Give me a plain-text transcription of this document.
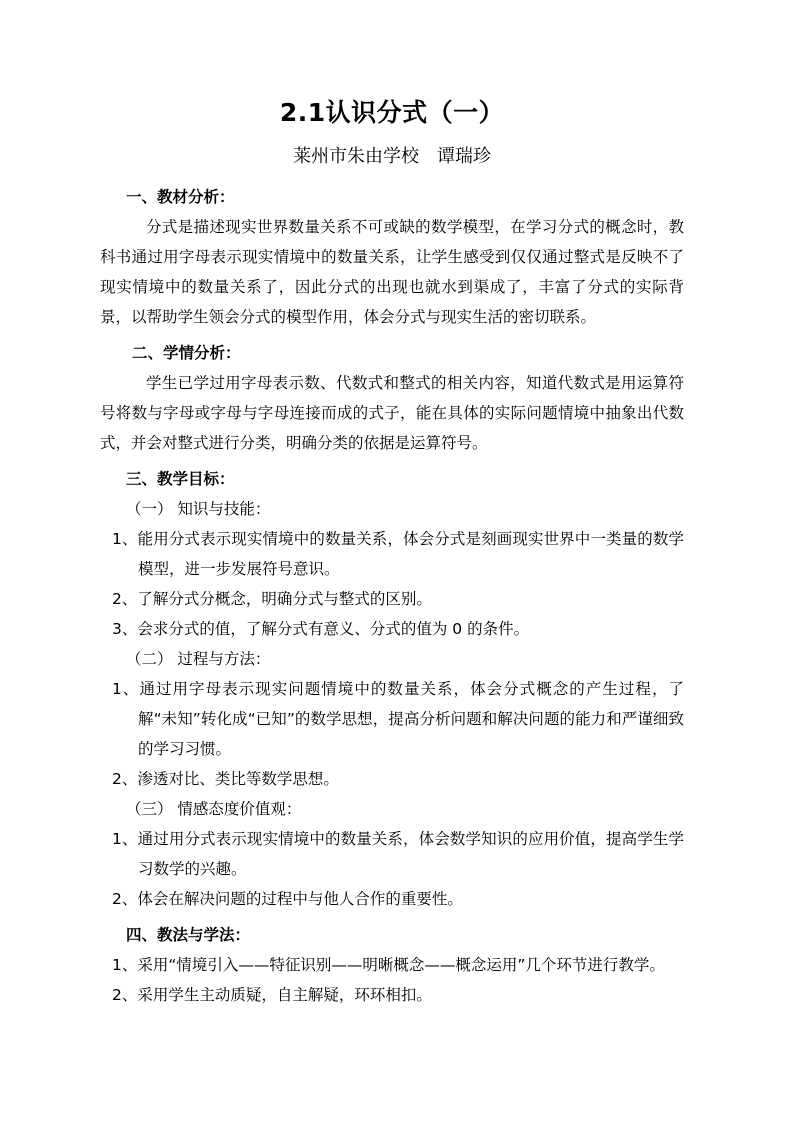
2.1认识分式（一）
莱州市朱由学校　谭瑞珍
一、教材分析：

分式是描述现实世界数量关系不可或缺的数学模型，在学习分式的概念时，教科书通过用字母表示现实情境中的数量关系，让学生感受到仅仅通过整式是反映不了现实情境中的数量关系了，因此分式的出现也就水到渠成了，丰富了分式的实际背景，以帮助学生领会分式的模型作用，体会分式与现实生活的密切联系。

二、学情分析：

学生已学过用字母表示数、代数式和整式的相关内容，知道代数式是用运算符号将数与字母或字母与字母连接而成的式子，能在具体的实际问题情境中抽象出代数式，并会对整式进行分类，明确分类的依据是运算符号。

三、教学目标：
（一） 知识与技能：

1、能用分式表示现实情境中的数量关系，体会分式是刻画现实世界中一类量的数学模型，进一步发展符号意识。

2、了解分式分概念，明确分式与整式的区别。

3、会求分式的值，了解分式有意义、分式的值为 0 的条件。

（二） 过程与方法：

1、通过用字母表示现实问题情境中的数量关系，体会分式概念的产生过程，了解“未知”转化成“已知”的数学思想，提高分析问题和解决问题的能力和严谨细致的学习习惯。

2、渗透对比、类比等数学思想。

（三） 情感态度价值观：

1、通过用分式表示现实情境中的数量关系，体会数学知识的应用价值，提高学生学习数学的兴趣。

2、体会在解决问题的过程中与他人合作的重要性。

四、教法与学法：

1、采用“情境引入——特征识别——明晰概念——概念运用”几个环节进行教学。

2、采用学生主动质疑，自主解疑，环环相扣。
